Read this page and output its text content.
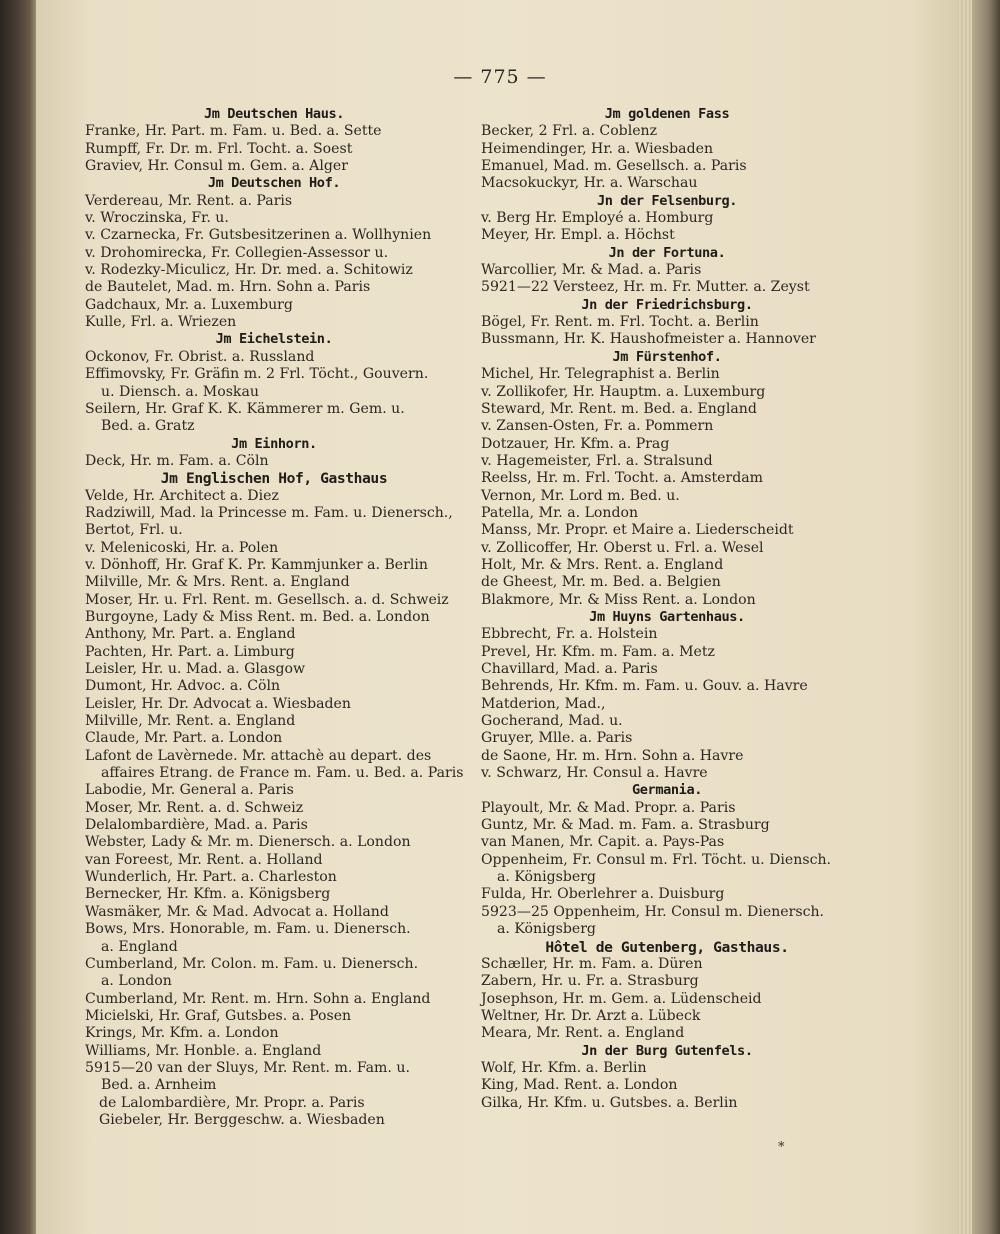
— 775 —
Jm Deutschen Haus.
Franke, Hr. Part. m. Fam. u. Bed. a. Sette
Rumpff, Fr. Dr. m. Frl. Tocht. a. Soest
Graviev, Hr. Consul m. Gem. a. Alger
Jm Deutschen Hof.
Verdereau, Mr. Rent. a. Paris
v. Wroczinska, Fr. u.
v. Czarnecka, Fr. Gutsbesitzerinen a. Wollhynien
v. Drohomirecka, Fr. Collegien-Assessor u.
v. Rodezky-Miculicz, Hr. Dr. med. a. Schitowiz
de Bautelet, Mad. m. Hrn. Sohn a. Paris
Gadchaux, Mr. a. Luxemburg
Kulle, Frl. a. Wriezen
Jm Eichelstein.
Ockonov, Fr. Obrist. a. Russland
Effimovsky, Fr. Gräfin m. 2 Frl. Töcht., Gouvern.
u. Diensch. a. Moskau
Seilern, Hr. Graf K. K. Kämmerer m. Gem. u.
Bed. a. Gratz
Jm Einhorn.
Deck, Hr. m. Fam. a. Cöln
Jm Englischen Hof, Gasthaus
Velde, Hr. Architect a. Diez
Radziwill, Mad. la Princesse m. Fam. u. Dienersch.,
Bertot, Frl. u.
v. Melenicoski, Hr. a. Polen
v. Dönhoff, Hr. Graf K. Pr. Kammjunker a. Berlin
Milville, Mr. & Mrs. Rent. a. England
Moser, Hr. u. Frl. Rent. m. Gesellsch. a. d. Schweiz
Burgoyne, Lady & Miss Rent. m. Bed. a. London
Anthony, Mr. Part. a. England
Pachten, Hr. Part. a. Limburg
Leisler, Hr. u. Mad. a. Glasgow
Dumont, Hr. Advoc. a. Cöln
Leisler, Hr. Dr. Advocat a. Wiesbaden
Milville, Mr. Rent. a. England
Claude, Mr. Part. a. London
Lafont de Lavèrnede. Mr. attachè au depart. des
affaires Etrang. de France m. Fam. u. Bed. a. Paris
Labodie, Mr. General a. Paris
Moser, Mr. Rent. a. d. Schweiz
Delalombardière, Mad. a. Paris
Webster, Lady & Mr. m. Dienersch. a. London
van Foreest, Mr. Rent. a. Holland
Wunderlich, Hr. Part. a. Charleston
Bernecker, Hr. Kfm. a. Königsberg
Wasmäker, Mr. & Mad. Advocat a. Holland
Bows, Mrs. Honorable, m. Fam. u. Dienersch.
a. England
Cumberland, Mr. Colon. m. Fam. u. Dienersch.
a. London
Cumberland, Mr. Rent. m. Hrn. Sohn a. England
Micielski, Hr. Graf, Gutsbes. a. Posen
Krings, Mr. Kfm. a. London
Williams, Mr. Honble. a. England
5915—20 van der Sluys, Mr. Rent. m. Fam. u.
Bed. a. Arnheim
de Lalombardière, Mr. Propr. a. Paris
Giebeler, Hr. Berggeschw. a. Wiesbaden
Jm goldenen Fass
Becker, 2 Frl. a. Coblenz
Heimendinger, Hr. a. Wiesbaden
Emanuel, Mad. m. Gesellsch. a. Paris
Macsokuckyr, Hr. a. Warschau
Jn der Felsenburg.
v. Berg Hr. Employé a. Homburg
Meyer, Hr. Empl. a. Höchst
Jn der Fortuna.
Warcollier, Mr. & Mad. a. Paris
5921—22 Versteez, Hr. m. Fr. Mutter. a. Zeyst
Jn der Friedrichsburg.
Bögel, Fr. Rent. m. Frl. Tocht. a. Berlin
Bussmann, Hr. K. Haushofmeister a. Hannover
Jm Fürstenhof.
Michel, Hr. Telegraphist a. Berlin
v. Zollikofer, Hr. Hauptm. a. Luxemburg
Steward, Mr. Rent. m. Bed. a. England
v. Zansen-Osten, Fr. a. Pommern
Dotzauer, Hr. Kfm. a. Prag
v. Hagemeister, Frl. a. Stralsund
Reelss, Hr. m. Frl. Tocht. a. Amsterdam
Vernon, Mr. Lord m. Bed. u.
Patella, Mr. a. London
Manss, Mr. Propr. et Maire a. Liederscheidt
v. Zollicoffer, Hr. Oberst u. Frl. a. Wesel
Holt, Mr. & Mrs. Rent. a. England
de Gheest, Mr. m. Bed. a. Belgien
Blakmore, Mr. & Miss Rent. a. London
Jm Huyns Gartenhaus.
Ebbrecht, Fr. a. Holstein
Prevel, Hr. Kfm. m. Fam. a. Metz
Chavillard, Mad. a. Paris
Behrends, Hr. Kfm. m. Fam. u. Gouv. a. Havre
Matderion, Mad.,
Gocherand, Mad. u.
Gruyer, Mlle. a. Paris
de Saone, Hr. m. Hrn. Sohn a. Havre
v. Schwarz, Hr. Consul a. Havre
Germania.
Playoult, Mr. & Mad. Propr. a. Paris
Guntz, Mr. & Mad. m. Fam. a. Strasburg
van Manen, Mr. Capit. a. Pays-Pas
Oppenheim, Fr. Consul m. Frl. Töcht. u. Diensch.
a. Königsberg
Fulda, Hr. Oberlehrer a. Duisburg
5923—25 Oppenheim, Hr. Consul m. Dienersch.
a. Königsberg
Hôtel de Gutenberg, Gasthaus.
Schæller, Hr. m. Fam. a. Düren
Zabern, Hr. u. Fr. a. Strasburg
Josephson, Hr. m. Gem. a. Lüdenscheid
Weltner, Hr. Dr. Arzt a. Lübeck
Meara, Mr. Rent. a. England
Jn der Burg Gutenfels.
Wolf, Hr. Kfm. a. Berlin
King, Mad. Rent. a. London
Gilka, Hr. Kfm. u. Gutsbes. a. Berlin
*
